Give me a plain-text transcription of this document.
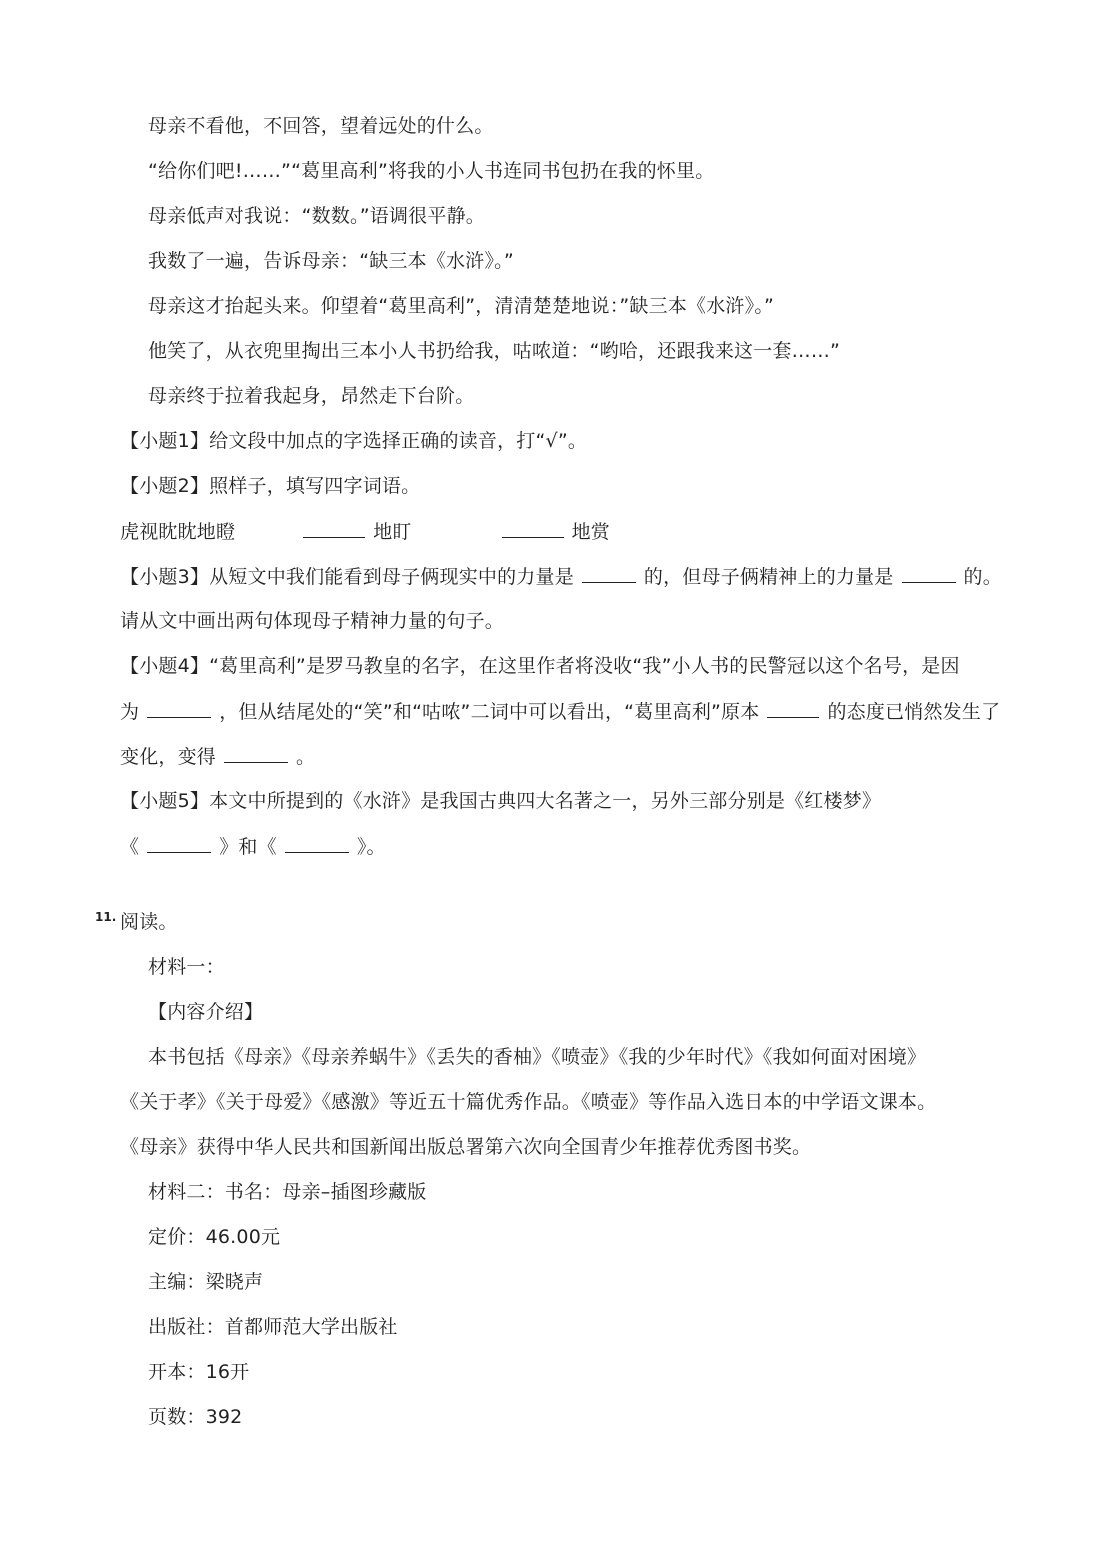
母亲不看他，不回答，望着远处的什么。
“给你们吧!……”“葛里高利”将我的小人书连同书包扔在我的怀里。
母亲低声对我说：“数数。”语调很平静。
我数了一遍，告诉母亲：“缺三本《水浒》。”
母亲这才抬起头来。仰望着“葛里高利”，清清楚楚地说：”缺三本《水浒》。”
他笑了，从衣兜里掏出三本小人书扔给我，咕哝道：“哟哈，还跟我来这一套……”
母亲终于拉着我起身，昂然走下台阶。
【小题1】给文段中加点的字选择正确的读音，打“√”。
【小题2】照样子，填写四字词语。
虎视眈眈地瞪	地盯	地赏
【小题3】从短文中我们能看到母子俩现实中的力量是	的，但母子俩精神上的力量是	的。
请从文中画出两句体现母子精神力量的句子。
【小题4】“葛里高利”是罗马教皇的名字，在这里作者将没收“我”小人书的民警冠以这个名号，是因
为	，但从结尾处的“笑”和“咕哝”二词中可以看出，“葛里高利”原本	的态度已悄然发生了
变化，变得	。
【小题5】本文中所提到的《水浒》是我国古典四大名著之一，另外三部分别是《红楼梦》
《	》和《	》。
11. 阅读。
材料一：
【内容介绍】
本书包括《母亲》《母亲养蜗牛》《丢失的香柚》《喷壶》《我的少年时代》《我如何面对困境》
《关于孝》《关于母爱》《感激》等近五十篇优秀作品。《喷壶》等作品入选日本的中学语文课本。
《母亲》获得中华人民共和国新闻出版总署第六次向全国青少年推荐优秀图书奖。
材料二：书名：母亲–插图珍藏版
定价：46.00元
主编：梁晓声
出版社：首都师范大学出版社
开本：16开
页数：392
